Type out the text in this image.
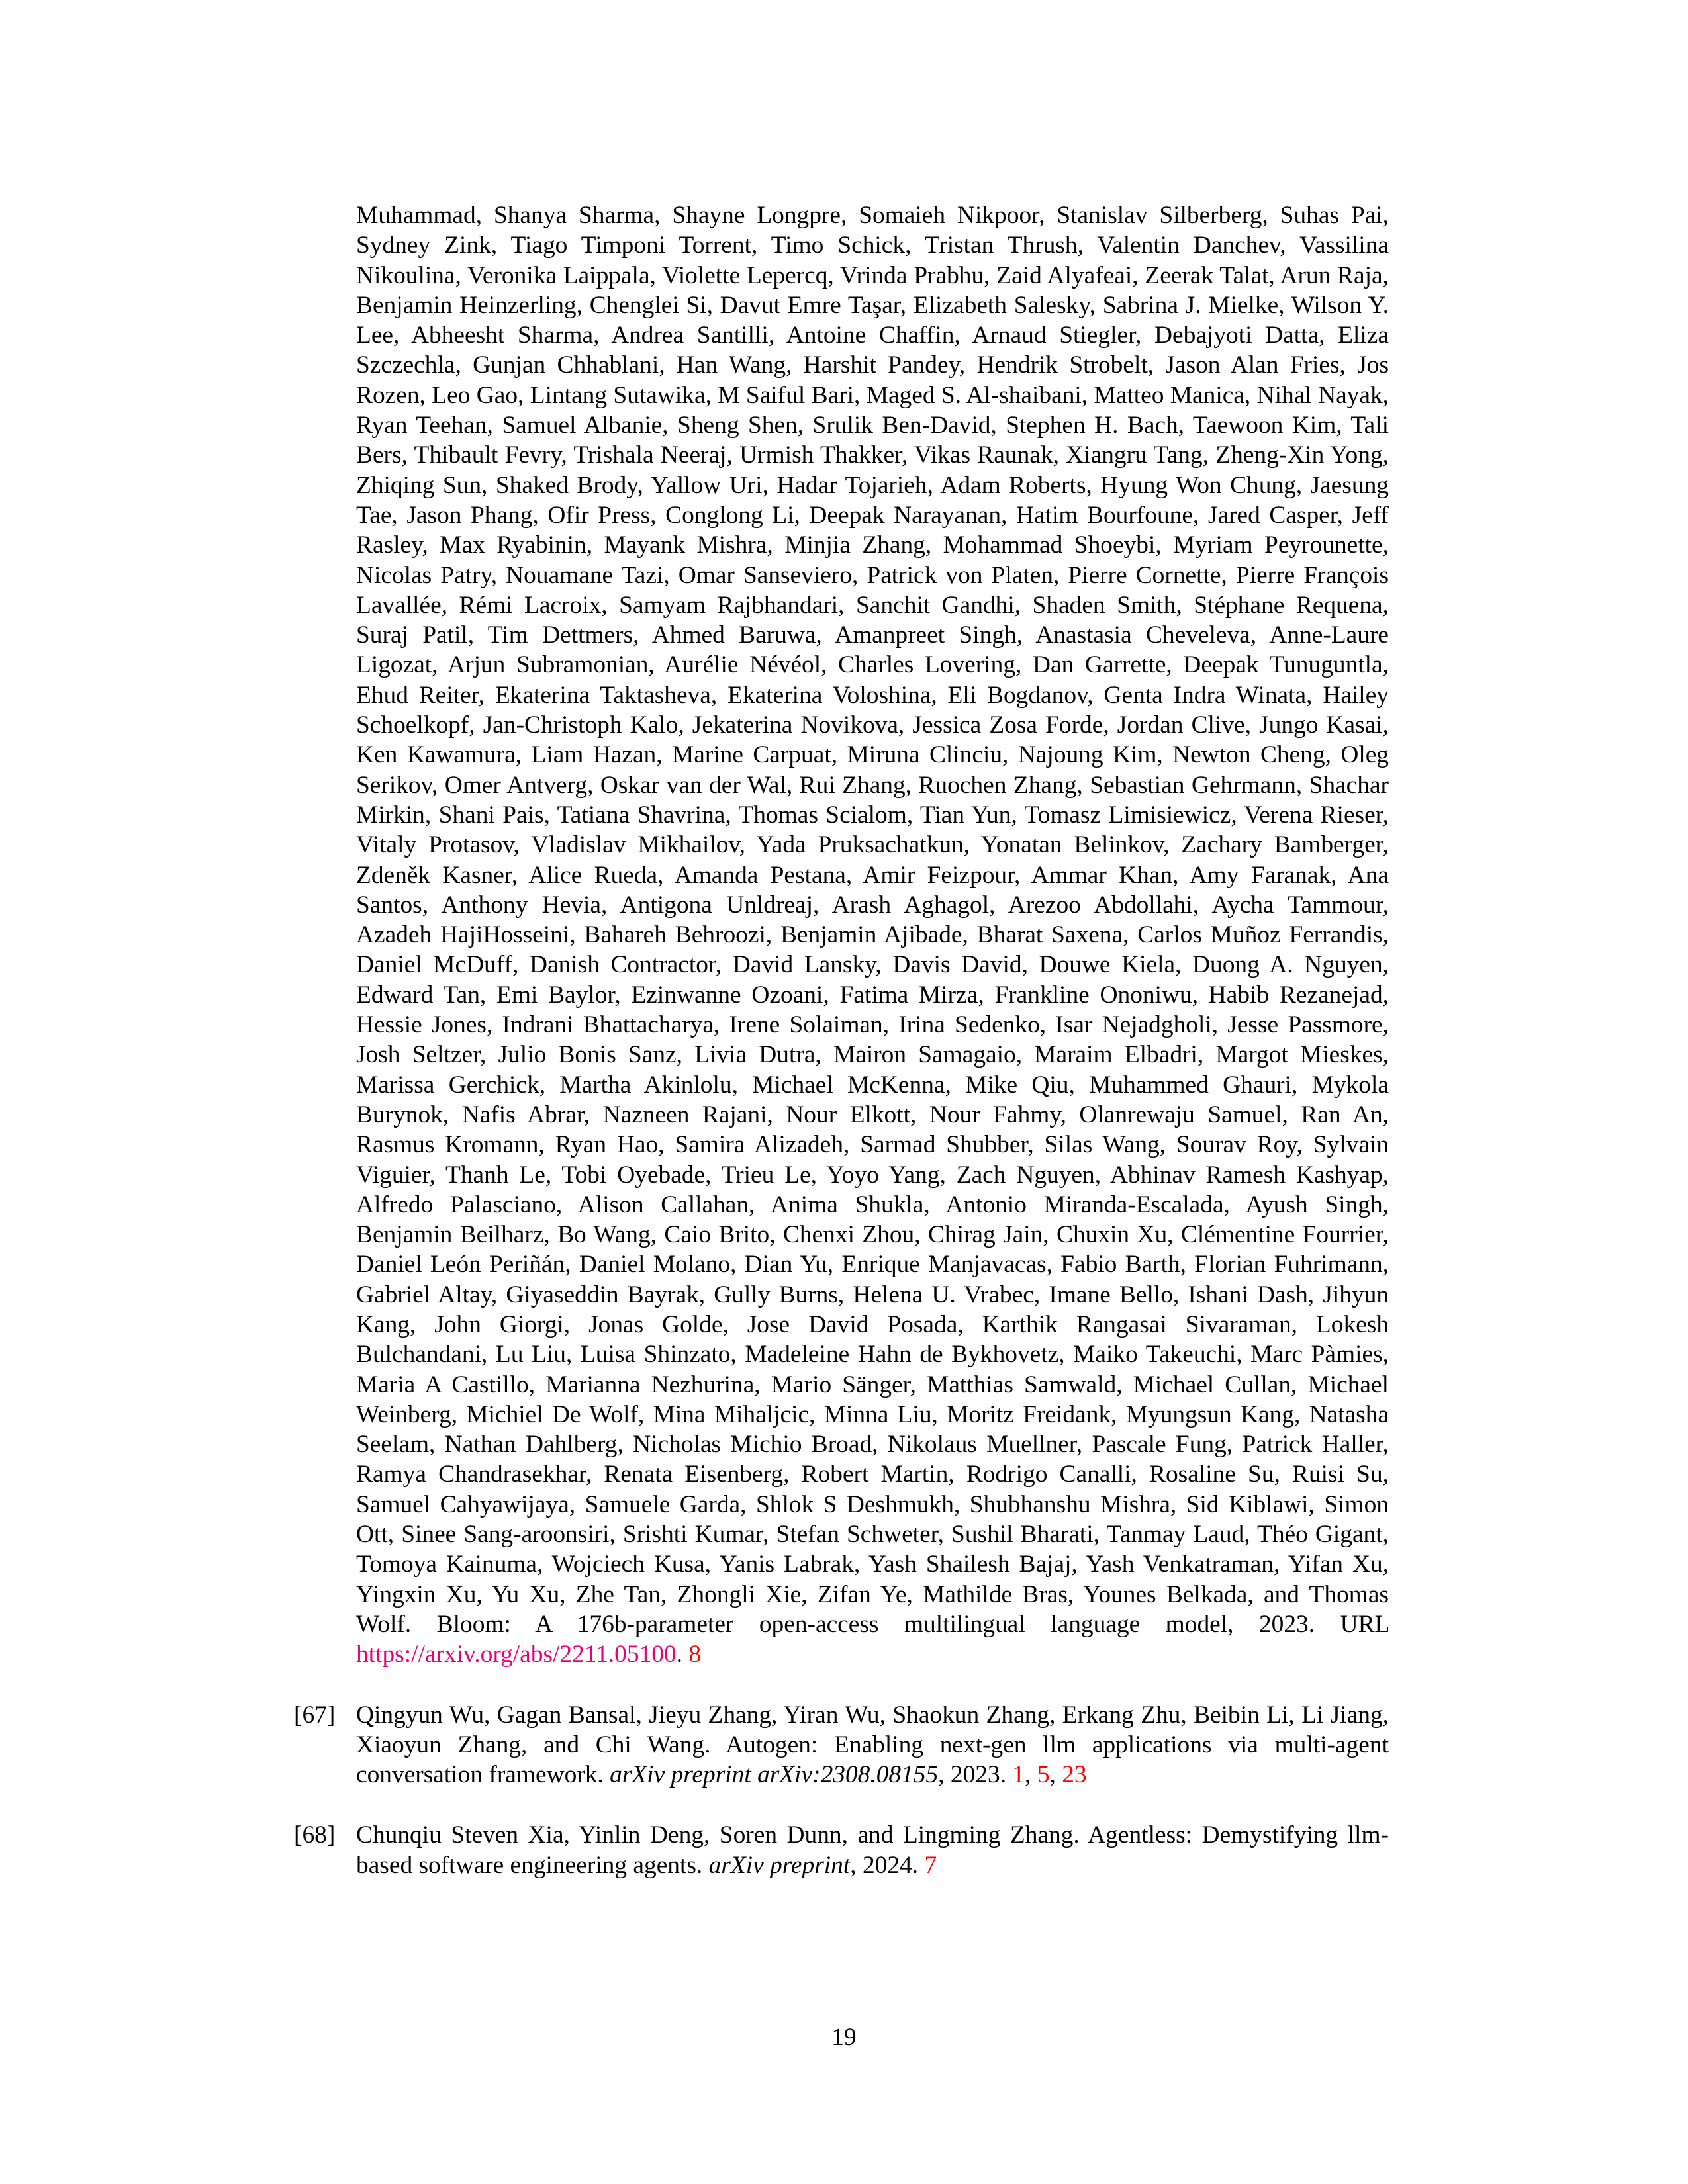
Muhammad, Shanya Sharma, Shayne Longpre, Somaieh Nikpoor, Stanislav Silberberg, Suhas Pai, Sydney Zink, Tiago Timponi Torrent, Timo Schick, Tristan Thrush, Valentin Danchev, Vassilina Nikoulina, Veronika Laippala, Violette Lepercq, Vrinda Prabhu, Zaid Alyafeai, Zeerak Talat, Arun Raja, Benjamin Heinzerling, Chenglei Si, Davut Emre Taşar, Elizabeth Salesky, Sabrina J. Mielke, Wilson Y. Lee, Abheesht Sharma, Andrea Santilli, Antoine Chaffin, Arnaud Stiegler, Debajyoti Datta, Eliza Szczechla, Gunjan Chhablani, Han Wang, Harshit Pandey, Hendrik Strobelt, Jason Alan Fries, Jos Rozen, Leo Gao, Lintang Sutawika, M Saiful Bari, Maged S. Al-shaibani, Matteo Manica, Nihal Nayak, Ryan Teehan, Samuel Albanie, Sheng Shen, Srulik Ben-David, Stephen H. Bach, Taewoon Kim, Tali Bers, Thibault Fevry, Trishala Neeraj, Urmish Thakker, Vikas Raunak, Xiangru Tang, Zheng-Xin Yong, Zhiqing Sun, Shaked Brody, Yallow Uri, Hadar Tojarieh, Adam Roberts, Hyung Won Chung, Jaesung Tae, Jason Phang, Ofir Press, Conglong Li, Deepak Narayanan, Hatim Bourfoune, Jared Casper, Jeff Rasley, Max Ryabinin, Mayank Mishra, Minjia Zhang, Mohammad Shoeybi, Myriam Peyrounette, Nicolas Patry, Nouamane Tazi, Omar Sanseviero, Patrick von Platen, Pierre Cornette, Pierre François Lavallée, Rémi Lacroix, Samyam Rajbhandari, Sanchit Gandhi, Shaden Smith, Stéphane Requena, Suraj Patil, Tim Dettmers, Ahmed Baruwa, Amanpreet Singh, Anastasia Cheveleva, Anne-Laure Ligozat, Arjun Subramonian, Aurélie Névéol, Charles Lovering, Dan Garrette, Deepak Tunuguntla, Ehud Reiter, Ekaterina Taktasheva, Ekaterina Voloshina, Eli Bogdanov, Genta Indra Winata, Hailey Schoelkopf, Jan-Christoph Kalo, Jekaterina Novikova, Jessica Zosa Forde, Jordan Clive, Jungo Kasai, Ken Kawamura, Liam Hazan, Marine Carpuat, Miruna Clinciu, Najoung Kim, Newton Cheng, Oleg Serikov, Omer Antverg, Oskar van der Wal, Rui Zhang, Ruochen Zhang, Sebastian Gehrmann, Shachar Mirkin, Shani Pais, Tatiana Shavrina, Thomas Scialom, Tian Yun, Tomasz Limisiewicz, Verena Rieser, Vitaly Protasov, Vladislav Mikhailov, Yada Pruksachatkun, Yonatan Belinkov, Zachary Bamberger, Zdeněk Kasner, Alice Rueda, Amanda Pestana, Amir Feizpour, Ammar Khan, Amy Faranak, Ana Santos, Anthony Hevia, Antigona Unldreaj, Arash Aghagol, Arezoo Abdollahi, Aycha Tammour, Azadeh HajiHosseini, Bahareh Behroozi, Benjamin Ajibade, Bharat Saxena, Carlos Muñoz Ferrandis, Daniel McDuff, Danish Contractor, David Lansky, Davis David, Douwe Kiela, Duong A. Nguyen, Edward Tan, Emi Baylor, Ezinwanne Ozoani, Fatima Mirza, Frankline Ononiwu, Habib Rezanejad, Hessie Jones, Indrani Bhattacharya, Irene Solaiman, Irina Sedenko, Isar Nejadgholi, Jesse Passmore, Josh Seltzer, Julio Bonis Sanz, Livia Dutra, Mairon Samagaio, Maraim Elbadri, Margot Mieskes, Marissa Gerchick, Martha Akinlolu, Michael McKenna, Mike Qiu, Muhammed Ghauri, Mykola Burynok, Nafis Abrar, Nazneen Rajani, Nour Elkott, Nour Fahmy, Olanrewaju Samuel, Ran An, Rasmus Kromann, Ryan Hao, Samira Alizadeh, Sarmad Shubber, Silas Wang, Sourav Roy, Sylvain Viguier, Thanh Le, Tobi Oyebade, Trieu Le, Yoyo Yang, Zach Nguyen, Abhinav Ramesh Kashyap, Alfredo Palasciano, Alison Callahan, Anima Shukla, Antonio Miranda-Escalada, Ayush Singh, Benjamin Beilharz, Bo Wang, Caio Brito, Chenxi Zhou, Chirag Jain, Chuxin Xu, Clémentine Fourrier, Daniel León Periñán, Daniel Molano, Dian Yu, Enrique Manjavacas, Fabio Barth, Florian Fuhrimann, Gabriel Altay, Giyaseddin Bayrak, Gully Burns, Helena U. Vrabec, Imane Bello, Ishani Dash, Jihyun Kang, John Giorgi, Jonas Golde, Jose David Posada, Karthik Rangasai Sivaraman, Lokesh Bulchandani, Lu Liu, Luisa Shinzato, Madeleine Hahn de Bykhovetz, Maiko Takeuchi, Marc Pàmies, Maria A Castillo, Marianna Nezhurina, Mario Sänger, Matthias Samwald, Michael Cullan, Michael Weinberg, Michiel De Wolf, Mina Mihaljcic, Minna Liu, Moritz Freidank, Myungsun Kang, Natasha Seelam, Nathan Dahlberg, Nicholas Michio Broad, Nikolaus Muellner, Pascale Fung, Patrick Haller, Ramya Chandrasekhar, Renata Eisenberg, Robert Martin, Rodrigo Canalli, Rosaline Su, Ruisi Su, Samuel Cahyawijaya, Samuele Garda, Shlok S Deshmukh, Shubhanshu Mishra, Sid Kiblawi, Simon Ott, Sinee Sang-aroonsiri, Srishti Kumar, Stefan Schweter, Sushil Bharati, Tanmay Laud, Théo Gigant, Tomoya Kainuma, Wojciech Kusa, Yanis Labrak, Yash Shailesh Bajaj, Yash Venkatraman, Yifan Xu, Yingxin Xu, Yu Xu, Zhe Tan, Zhongli Xie, Zifan Ye, Mathilde Bras, Younes Belkada, and Thomas Wolf. Bloom: A 176b-parameter open-access multilingual language model, 2023. URL https://arxiv.org/abs/2211.05100. 8
[67] Qingyun Wu, Gagan Bansal, Jieyu Zhang, Yiran Wu, Shaokun Zhang, Erkang Zhu, Beibin Li, Li Jiang, Xiaoyun Zhang, and Chi Wang. Autogen: Enabling next-gen llm applications via multi-agent conversation framework. arXiv preprint arXiv:2308.08155, 2023. 1, 5, 23
[68] Chunqiu Steven Xia, Yinlin Deng, Soren Dunn, and Lingming Zhang. Agentless: Demystifying llm-based software engineering agents. arXiv preprint, 2024. 7
19
